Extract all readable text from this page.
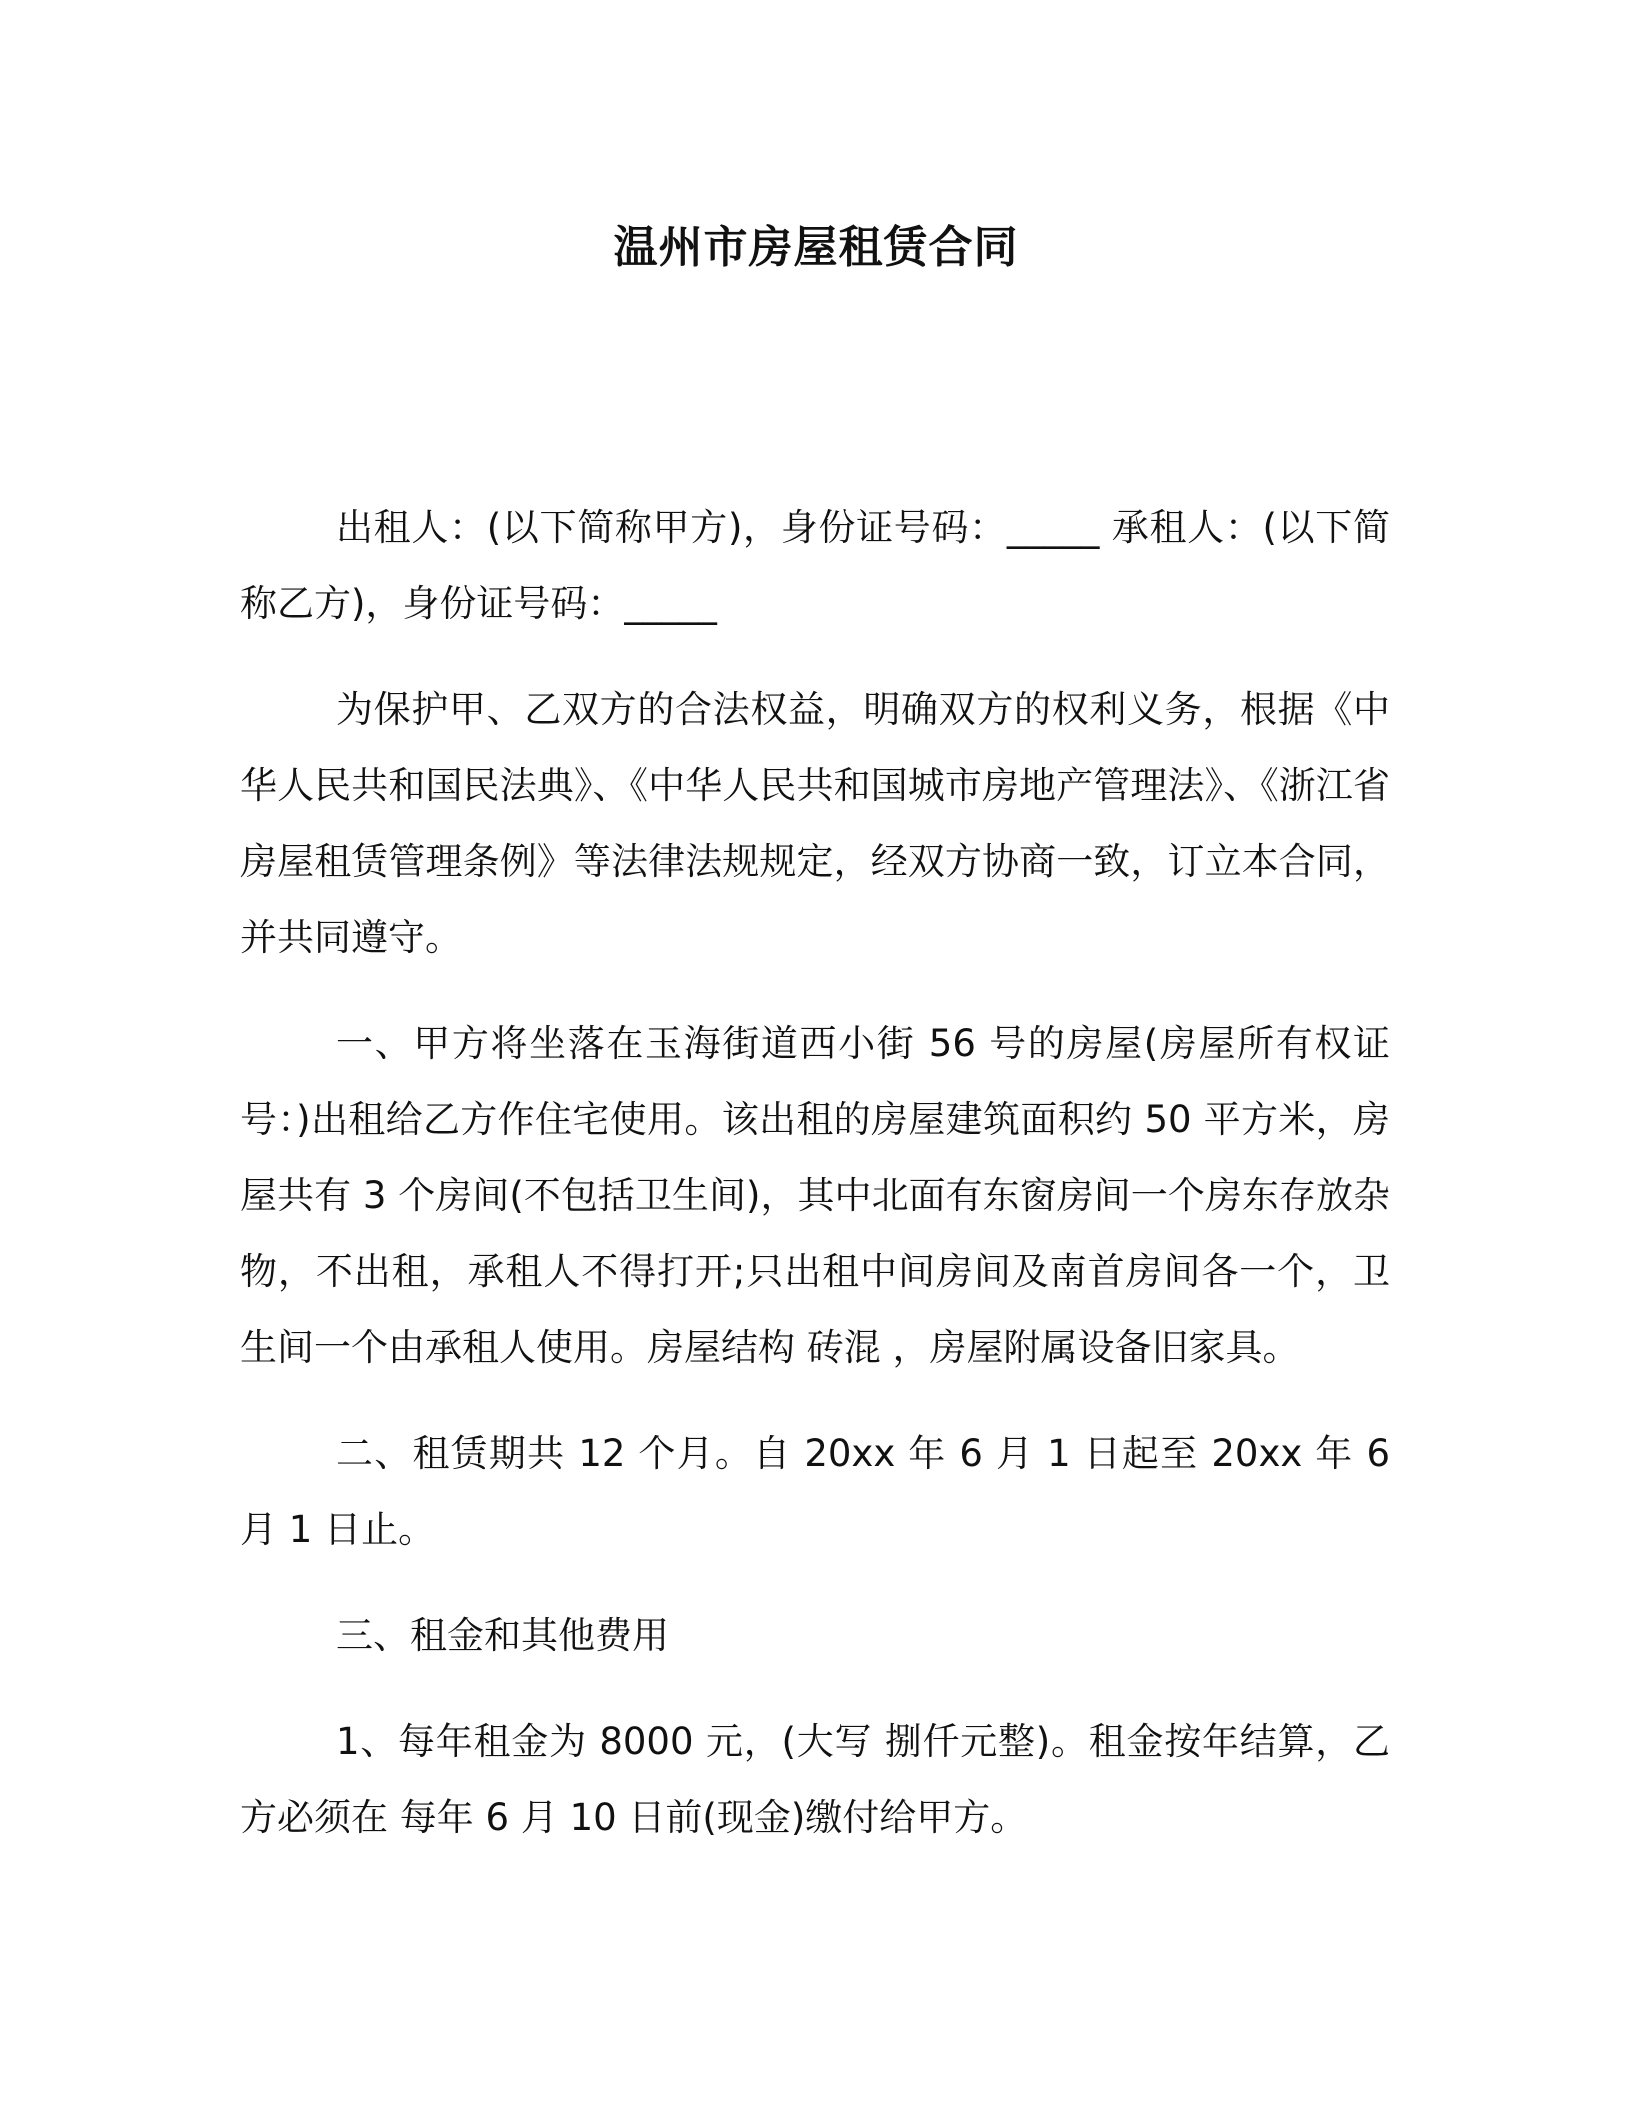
温州市房屋租赁合同

出租人：(以下简称甲方)，身份证号码：_____ 承租人：(以下简称乙方)，身份证号码：_____

为保护甲、乙双方的合法权益，明确双方的权利义务，根据《中华人民共和国民法典》、《中华人民共和国城市房地产管理法》、《浙江省房屋租赁管理条例》等法律法规规定，经双方协商一致，订立本合同，并共同遵守。

一、甲方将坐落在玉海街道西小街 56 号的房屋(房屋所有权证号：)出租给乙方作住宅使用。该出租的房屋建筑面积约 50 平方米，房屋共有 3 个房间(不包括卫生间)，其中北面有东窗房间一个房东存放杂物，不出租，承租人不得打开;只出租中间房间及南首房间各一个，卫生间一个由承租人使用。房屋结构 砖混 ，房屋附属设备旧家具。

二、租赁期共 12 个月。自 20xx 年 6 月 1 日起至 20xx 年 6 月 1 日止。

三、租金和其他费用

1、每年租金为 8000 元，(大写 捌仟元整)。租金按年结算，乙方必须在 每年 6 月 10 日前(现金)缴付给甲方。
